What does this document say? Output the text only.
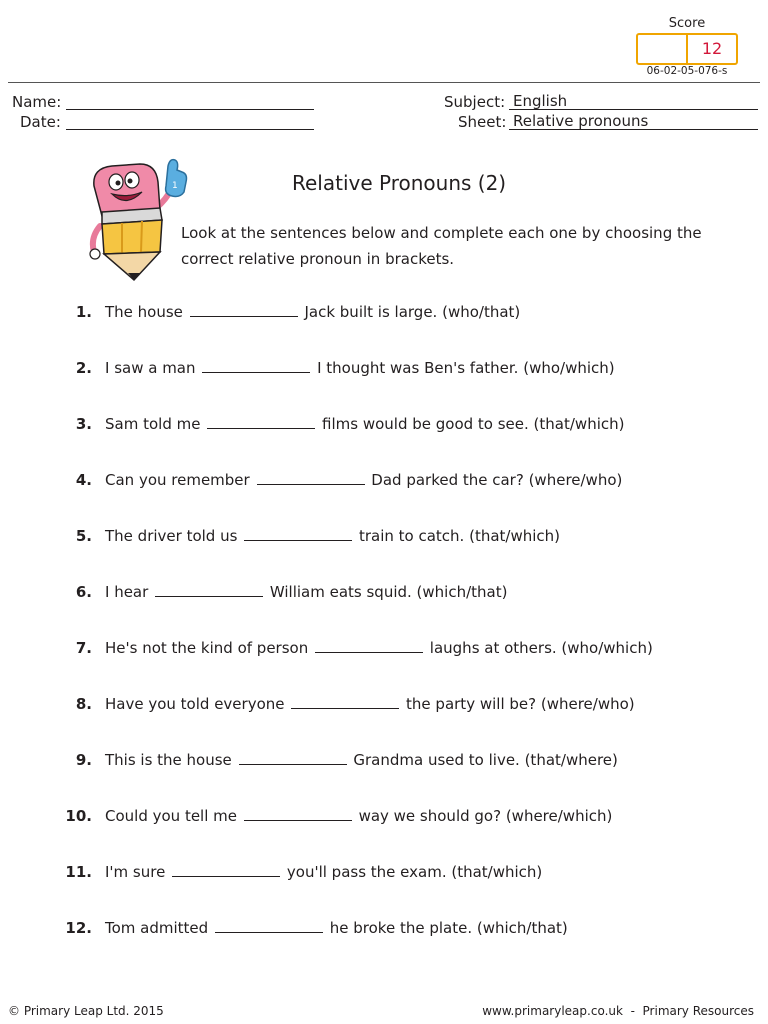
Score
12
06-02-05-076-s
Name:
Date:
Subject: English
Sheet: Relative pronouns
1	Relative Pronouns (2)
Look at the sentences below and complete each one by choosing the
correct relative pronoun in brackets.
1. The house	Jack built is large. (who/that)
2. I saw a man	I thought was Ben's father. (who/which)
3. Sam told me	films would be good to see. (that/which)
4. Can you remember	Dad parked the car? (where/who)
5. The driver told us	train to catch. (that/which)
6. I hear	William eats squid. (which/that)
7. He's not the kind of person	laughs at others. (who/which)
8. Have you told everyone	the party will be? (where/who)
9. This is the house	Grandma used to live. (that/where)
10. Could you tell me	way we should go? (where/which)
11. I'm sure	you'll pass the exam. (that/which)
12. Tom admitted	he broke the plate. (which/that)
© Primary Leap Ltd. 2015	www.primaryleap.co.uk  -  Primary Resources
